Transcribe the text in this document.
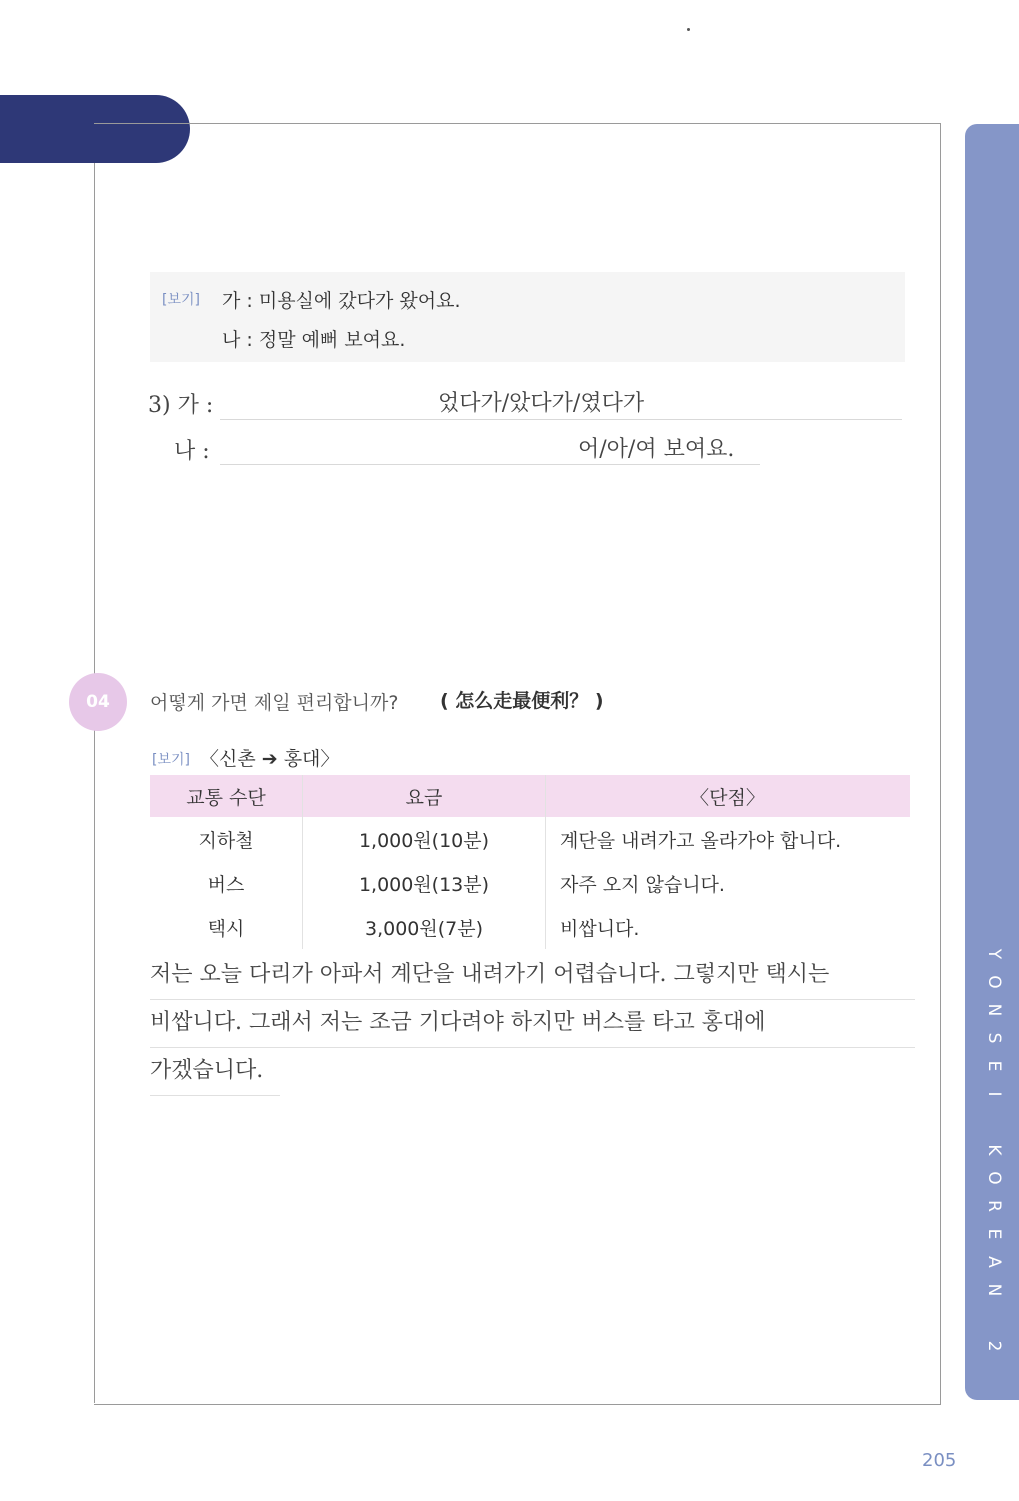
Y
O
N
S
E
I

K
O
R
E
A
N

2
[보기] 가 : 미용실에 갔다가 왔어요.
나 : 정말 예뻐 보여요.
3) 가 :	었다가/았다가/였다가
나 :	어/아/여 보여요.
04	어떻게 가면 제일 편리합니까? ( 怎么走最便利？ )
[보기] 〈신촌 ➔ 홍대〉
교통 수단	요금	〈단점〉
지하철	1,000원(10분)	계단을 내려가고 올라가야 합니다.
버스	1,000원(13분)	자주 오지 않습니다.
택시	3,000원(7분)	비쌉니다.
저는 오늘 다리가 아파서 계단을 내려가기 어렵습니다. 그렇지만 택시는
비쌉니다. 그래서 저는 조금 기다려야 하지만 버스를 타고 홍대에
가겠습니다.
205
